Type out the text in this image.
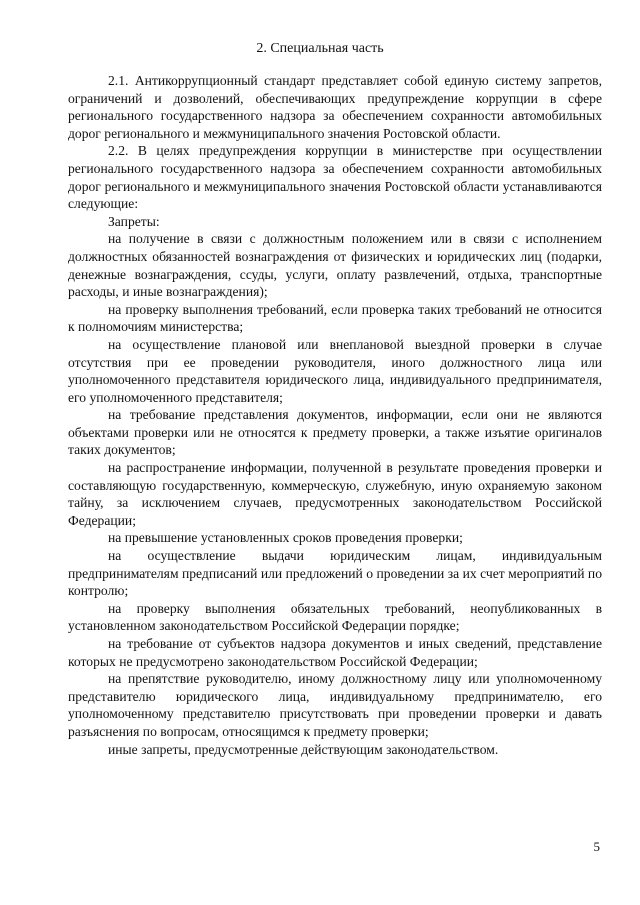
2. Специальная часть

2.1. Антикоррупционный стандарт представляет собой единую систему запретов, ограничений и дозволений, обеспечивающих предупреждение коррупции в сфере регионального государственного надзора за обеспечением сохранности автомобильных дорог регионального и межмуниципального значения Ростовской области.

2.2. В целях предупреждения коррупции в министерстве при осуществлении регионального государственного надзора за обеспечением сохранности автомобильных дорог регионального и межмуниципального значения Ростовской области устанавливаются следующие:

Запреты:

на получение в связи с должностным положением или в связи с исполнением должностных обязанностей вознаграждения от физических и юридических лиц (подарки, денежные вознаграждения, ссуды, услуги, оплату развлечений, отдыха, транспортные расходы, и иные вознаграждения);

на проверку выполнения требований, если проверка таких требований не относится к полномочиям министерства;

на осуществление плановой или внеплановой выездной проверки в случае отсутствия при ее проведении руководителя, иного должностного лица или уполномоченного представителя юридического лица, индивидуального предпринимателя, его уполномоченного представителя;

на требование представления документов, информации, если они не являются объектами проверки или не относятся к предмету проверки, а также изъятие оригиналов таких документов;

на распространение информации, полученной в результате проведения проверки и составляющую государственную, коммерческую, служебную, иную охраняемую законом тайну, за исключением случаев, предусмотренных законодательством Российской Федерации;

на превышение установленных сроков проведения проверки;

на осуществление выдачи юридическим лицам, индивидуальным предпринимателям предписаний или предложений о проведении за их счет мероприятий по контролю;

на проверку выполнения обязательных требований, неопубликованных в установленном законодательством Российской Федерации порядке;

на требование от субъектов надзора документов и иных сведений, представление которых не предусмотрено законодательством Российской Федерации;

на препятствие руководителю, иному должностному лицу или уполномоченному представителю юридического лица, индивидуальному предпринимателю, его уполномоченному представителю присутствовать при проведении проверки и давать разъяснения по вопросам, относящимся к предмету проверки;

иные запреты, предусмотренные действующим законодательством.

5
